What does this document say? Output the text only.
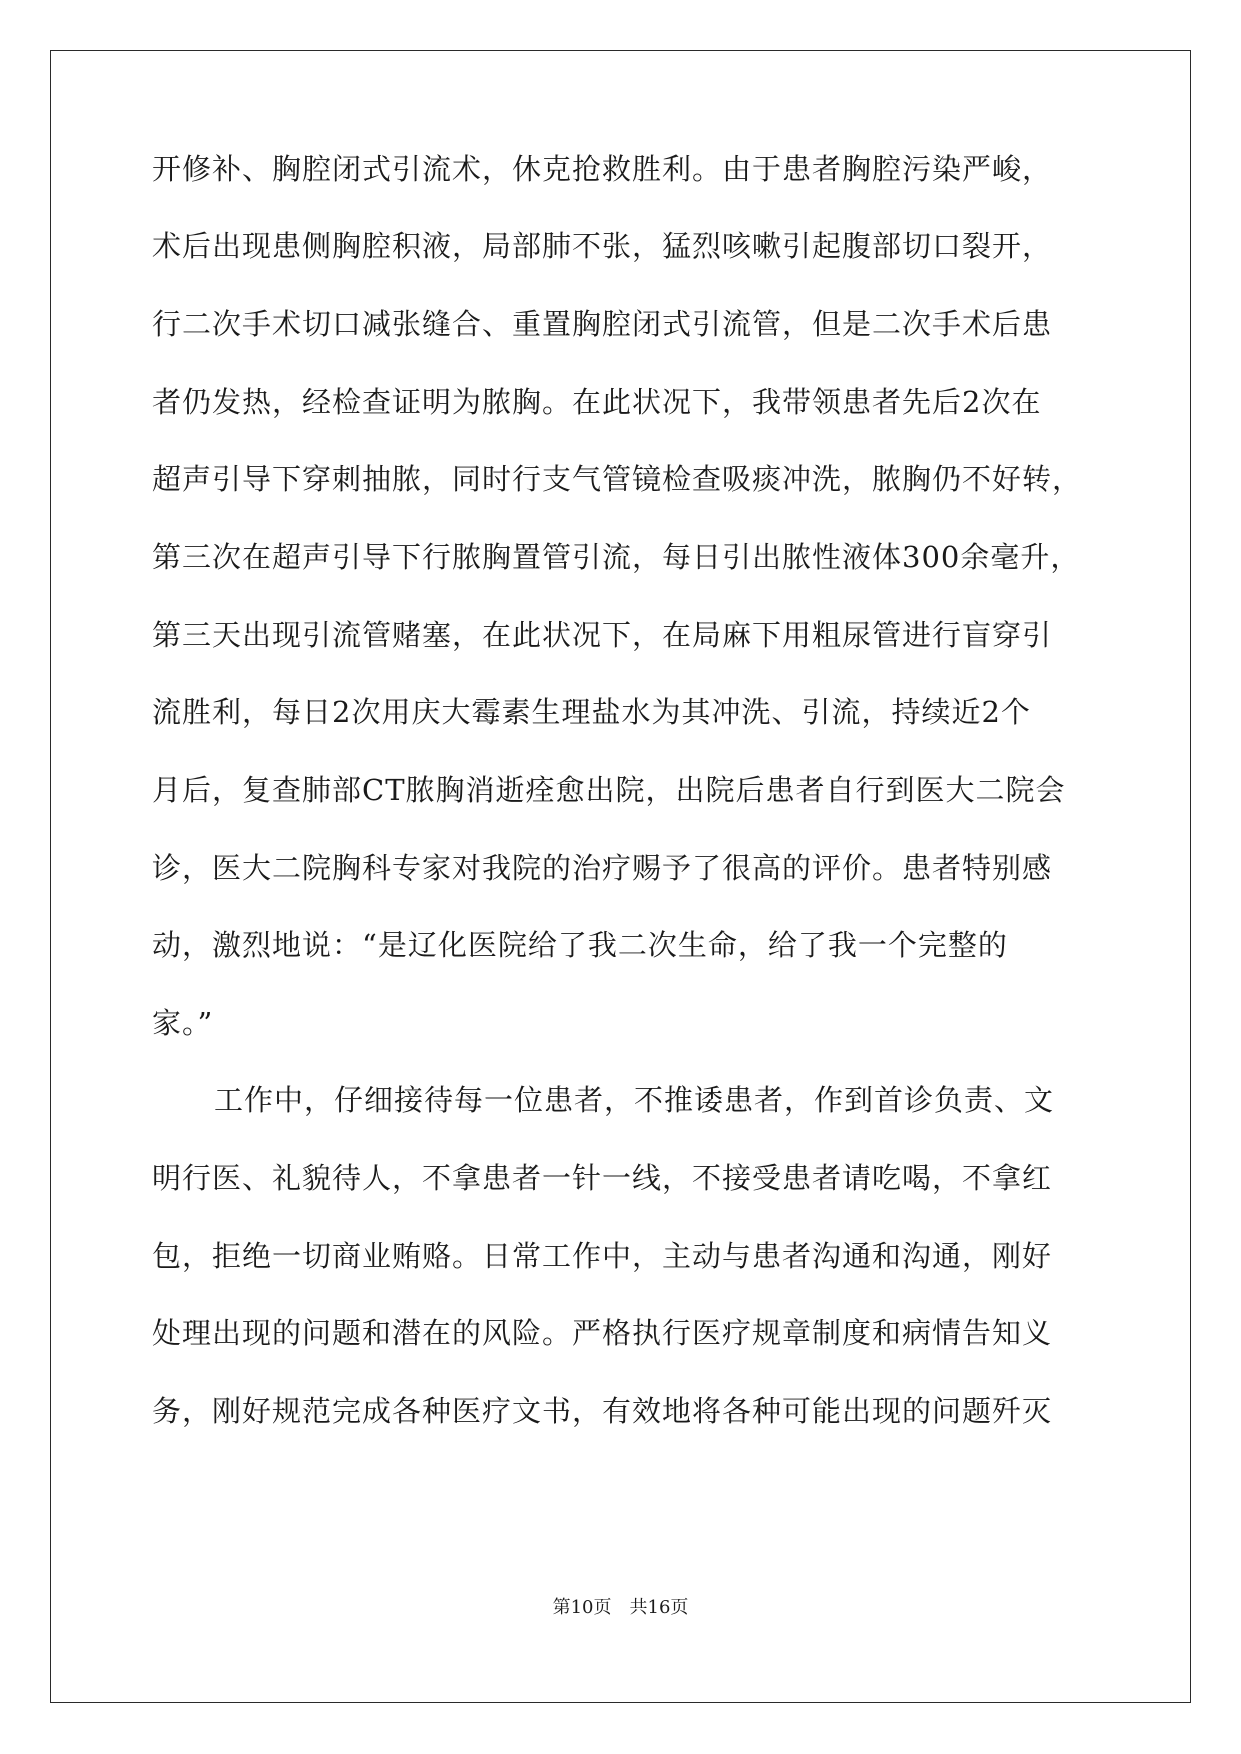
开修补、胸腔闭式引流术，休克抢救胜利。由于患者胸腔污染严峻，
术后出现患侧胸腔积液，局部肺不张，猛烈咳嗽引起腹部切口裂开，
行二次手术切口减张缝合、重置胸腔闭式引流管，但是二次手术后患
者仍发热，经检查证明为脓胸。在此状况下，我带领患者先后2次在
超声引导下穿刺抽脓，同时行支气管镜检查吸痰冲洗，脓胸仍不好转，
第三次在超声引导下行脓胸置管引流，每日引出脓性液体300余毫升，
第三天出现引流管赌塞，在此状况下，在局麻下用粗尿管进行盲穿引
流胜利，每日2次用庆大霉素生理盐水为其冲洗、引流，持续近2个
月后，复查肺部CT脓胸消逝痊愈出院，出院后患者自行到医大二院会
诊，医大二院胸科专家对我院的治疗赐予了很高的评价。患者特别感
动，激烈地说：“是辽化医院给了我二次生命，给了我一个完整的
家。”
工作中，仔细接待每一位患者，不推诿患者，作到首诊负责、文
明行医、礼貌待人，不拿患者一针一线，不接受患者请吃喝，不拿红
包，拒绝一切商业贿赂。日常工作中，主动与患者沟通和沟通，刚好
处理出现的问题和潜在的风险。严格执行医疗规章制度和病情告知义
务，刚好规范完成各种医疗文书，有效地将各种可能出现的问题歼灭
第10页　共16页
